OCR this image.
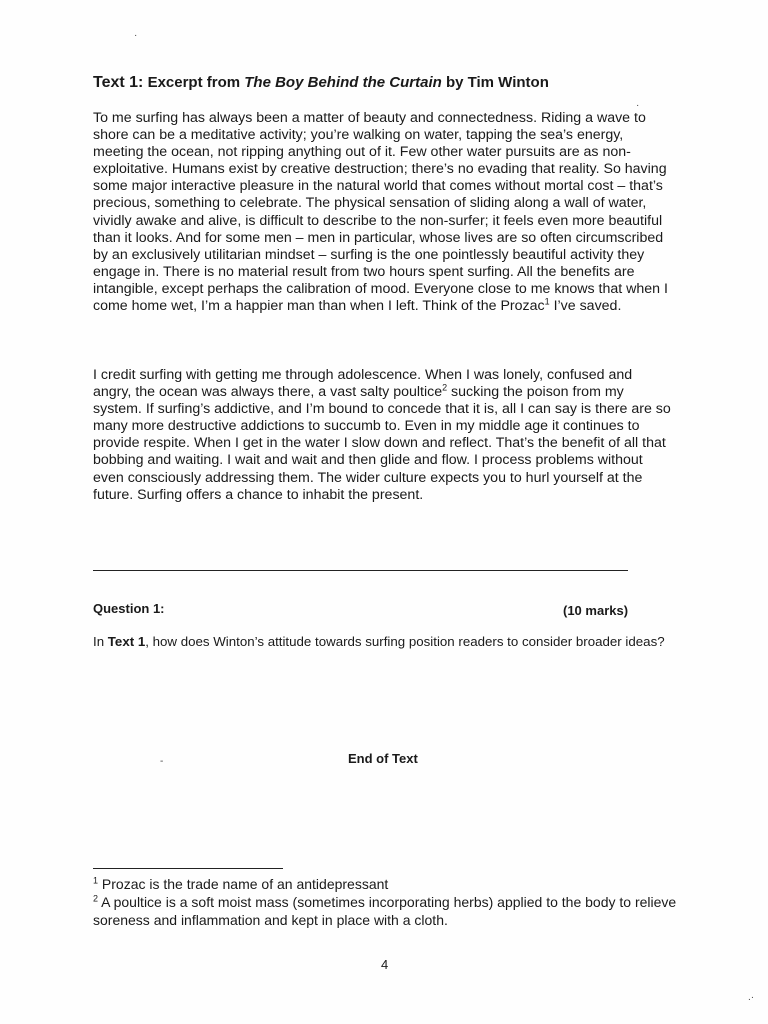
·
·
-
.·
Text 1: Excerpt from The Boy Behind the Curtain by Tim Winton
To me surfing has always been a matter of beauty and connectedness. Riding a wave to shore can be a meditative activity; you’re walking on water, tapping the sea’s energy, meeting the ocean, not ripping anything out of it. Few other water pursuits are as non-exploitative. Humans exist by creative destruction; there’s no evading that reality. So having some major interactive pleasure in the natural world that comes without mortal cost – that’s precious, something to celebrate. The physical sensation of sliding along a wall of water, vividly awake and alive, is difficult to describe to the non-surfer; it feels even more beautiful than it looks. And for some men – men in particular, whose lives are so often circumscribed by an exclusively utilitarian mindset – surfing is the one pointlessly beautiful activity they engage in. There is no material result from two hours spent surfing. All the benefits are intangible, except perhaps the calibration of mood. Everyone close to me knows that when I come home wet, I’m a happier man than when I left. Think of the Prozac$^1$ I’ve saved.
I credit surfing with getting me through adolescence. When I was lonely, confused and angry, the ocean was always there, a vast salty poultice$^2$ sucking the poison from my system. If surfing’s addictive, and I’m bound to concede that it is, all I can say is there are so many more destructive addictions to succumb to. Even in my middle age it continues to provide respite. When I get in the water I slow down and reflect. That’s the benefit of all that bobbing and waiting. I wait and wait and then glide and flow. I process problems without even consciously addressing them. The wider culture expects you to hurl yourself at the future. Surfing offers a chance to inhabit the present.
Question 1:	(10 marks)
In Text 1, how does Winton’s attitude towards surfing position readers to consider broader ideas?
End of Text
$^1$ Prozac is the trade name of an antidepressant
$^2$ A poultice is a soft moist mass (sometimes incorporating herbs) applied to the body to relieve soreness and inflammation and kept in place with a cloth.
4
